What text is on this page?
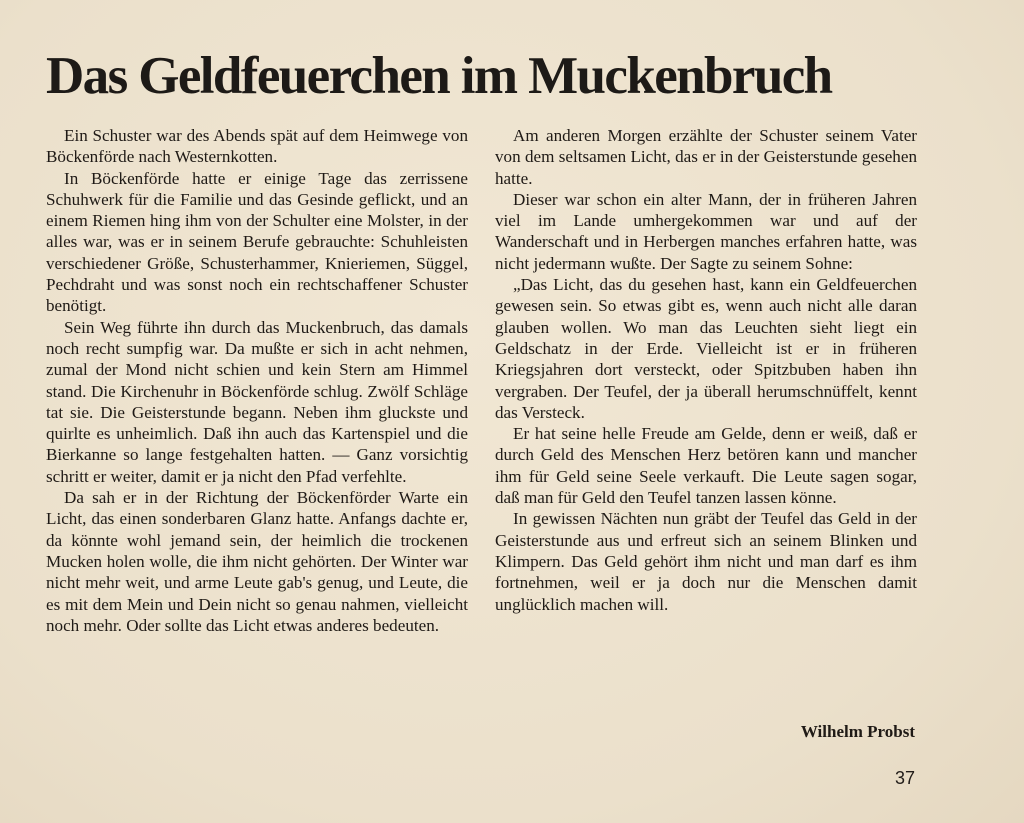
Das Geldfeuerchen im Muckenbruch

Ein Schuster war des Abends spät auf dem Heimwege von Böckenförde nach Westernkotten.

In Böckenförde hatte er einige Tage das zerrissene Schuhwerk für die Familie und das Gesinde geflickt, und an einem Riemen hing ihm von der Schulter eine Molster, in der alles war, was er in seinem Berufe gebrauchte: Schuhleisten verschiedener Größe, Schusterhammer, Knieriemen, Süggel, Pechdraht und was sonst noch ein rechtschaffener Schuster benötigt.

Sein Weg führte ihn durch das Muckenbruch, das damals noch recht sumpfig war. Da mußte er sich in acht nehmen, zumal der Mond nicht schien und kein Stern am Himmel stand. Die Kirchenuhr in Böckenförde schlug. Zwölf Schläge tat sie. Die Geisterstunde begann. Neben ihm gluckste und quirlte es unheimlich. Daß ihn auch das Kartenspiel und die Bierkanne so lange festgehalten hatten. — Ganz vorsichtig schritt er weiter, damit er ja nicht den Pfad verfehlte.

Da sah er in der Richtung der Böckenförder Warte ein Licht, das einen sonderbaren Glanz hatte. Anfangs dachte er, da könnte wohl jemand sein, der heimlich die trockenen Mucken holen wolle, die ihm nicht gehörten. Der Winter war nicht mehr weit, und arme Leute gab's genug, und Leute, die es mit dem Mein und Dein nicht so genau nahmen, vielleicht noch mehr. Oder sollte das Licht etwas anderes bedeuten.

Am anderen Morgen erzählte der Schuster seinem Vater von dem seltsamen Licht, das er in der Geisterstunde gesehen hatte.

Dieser war schon ein alter Mann, der in früheren Jahren viel im Lande umhergekommen war und auf der Wanderschaft und in Herbergen manches erfahren hatte, was nicht jedermann wußte. Der Sagte zu seinem Sohne:

„Das Licht, das du gesehen hast, kann ein Geldfeuerchen gewesen sein. So etwas gibt es, wenn auch nicht alle daran glauben wollen. Wo man das Leuchten sieht liegt ein Geldschatz in der Erde. Vielleicht ist er in früheren Kriegsjahren dort versteckt, oder Spitzbuben haben ihn vergraben. Der Teufel, der ja überall herumschnüffelt, kennt das Versteck.

Er hat seine helle Freude am Gelde, denn er weiß, daß er durch Geld des Menschen Herz betören kann und mancher ihm für Geld seine Seele verkauft. Die Leute sagen sogar, daß man für Geld den Teufel tanzen lassen könne.

In gewissen Nächten nun gräbt der Teufel das Geld in der Geisterstunde aus und erfreut sich an seinem Blinken und Klimpern. Das Geld gehört ihm nicht und man darf es ihm fortnehmen, weil er ja doch nur die Menschen damit unglücklich machen will.

Wilhelm Probst
37
